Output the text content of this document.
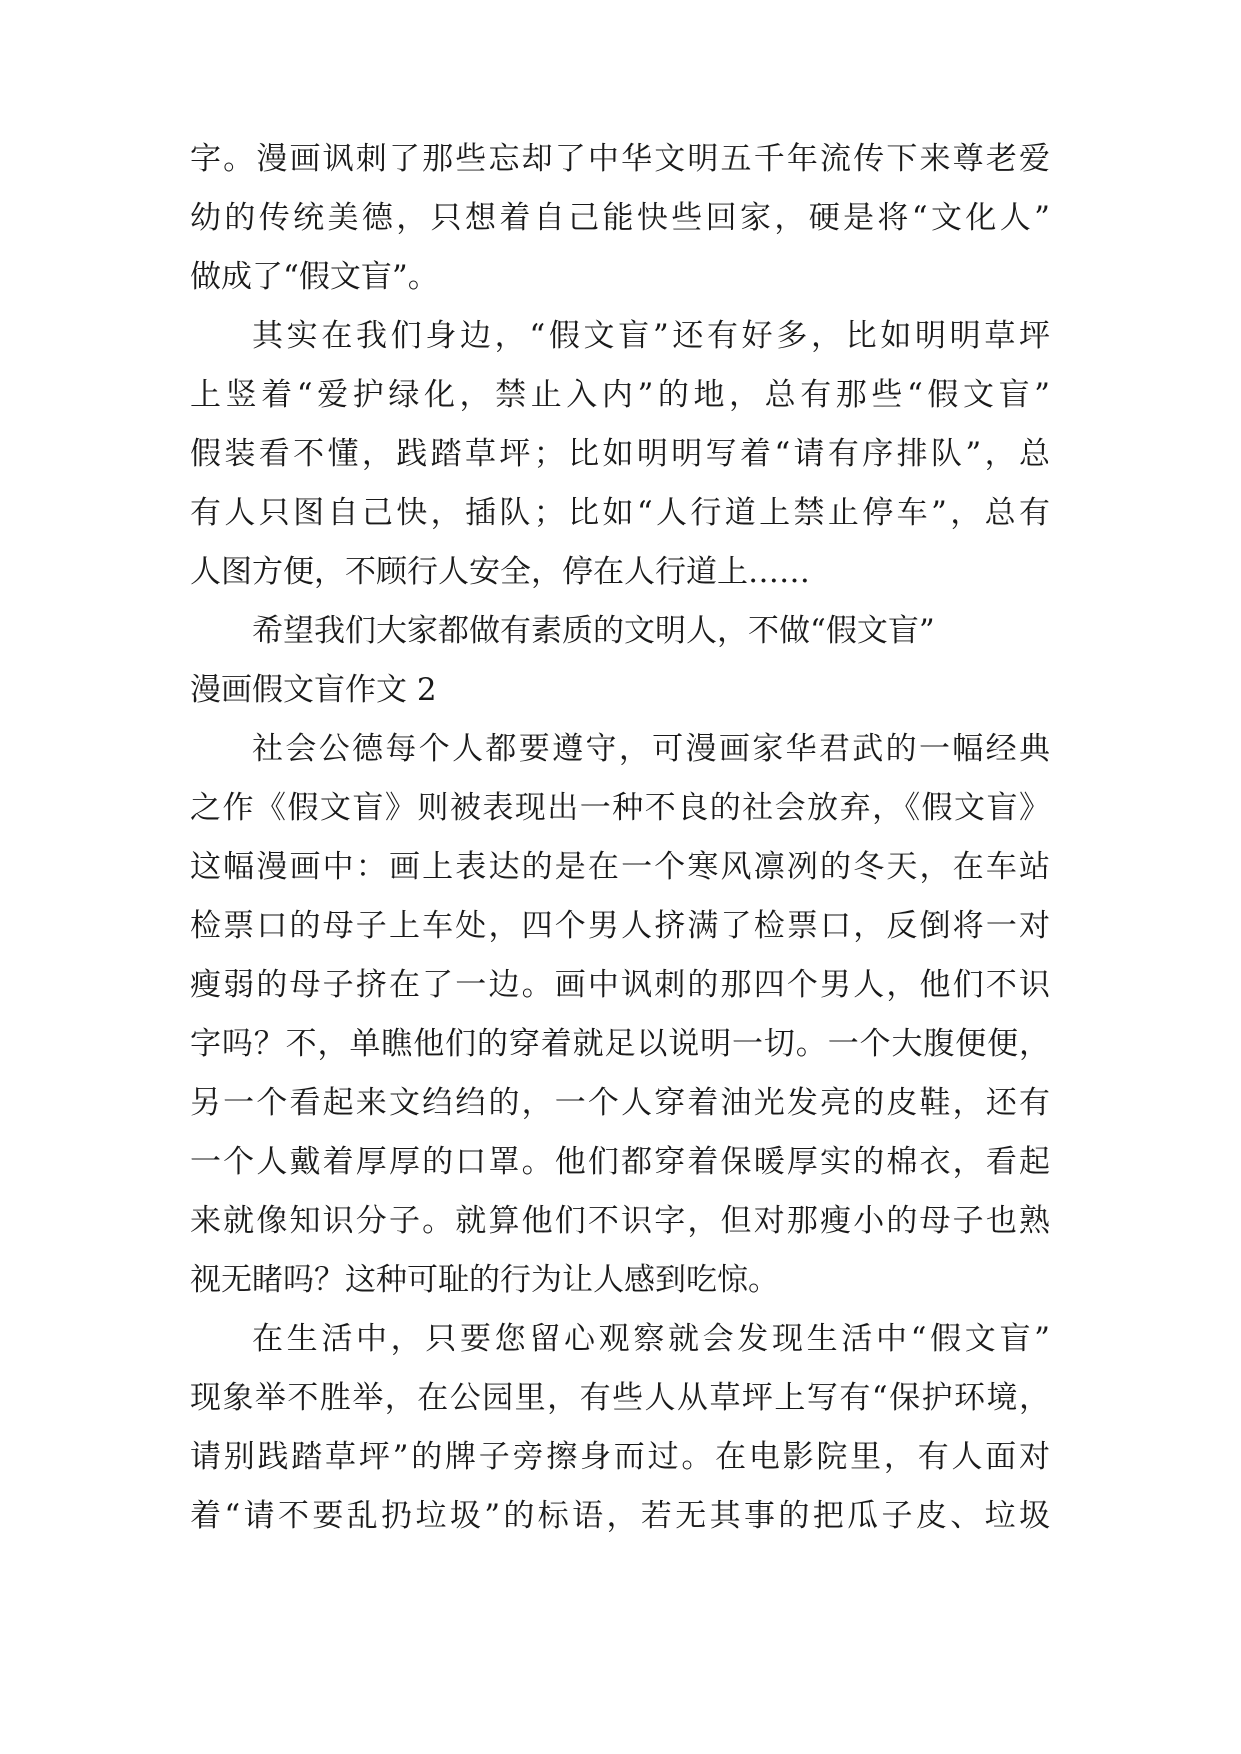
字。漫画讽刺了那些忘却了中华文明五千年流传下来尊老爱
幼的传统美德，只想着自己能快些回家，硬是将“文化人”
做成了“假文盲”。
其实在我们身边，“假文盲”还有好多，比如明明草坪
上竖着“爱护绿化，禁止入内”的地，总有那些“假文盲”
假装看不懂，践踏草坪；比如明明写着“请有序排队”，总
有人只图自己快，插队；比如“人行道上禁止停车”，总有
人图方便，不顾行人安全，停在人行道上……
希望我们大家都做有素质的文明人，不做“假文盲”
漫画假文盲作文 2
社会公德每个人都要遵守，可漫画家华君武的一幅经典
之作《假文盲》则被表现出一种不良的社会放弃，《假文盲》
这幅漫画中：画上表达的是在一个寒风凛冽的冬天，在车站
检票口的母子上车处，四个男人挤满了检票口，反倒将一对
瘦弱的母子挤在了一边。画中讽刺的那四个男人，他们不识
字吗？不，单瞧他们的穿着就足以说明一切。一个大腹便便，
另一个看起来文绉绉的，一个人穿着油光发亮的皮鞋，还有
一个人戴着厚厚的口罩。他们都穿着保暖厚实的棉衣，看起
来就像知识分子。就算他们不识字，但对那瘦小的母子也熟
视无睹吗？这种可耻的行为让人感到吃惊。
在生活中，只要您留心观察就会发现生活中“假文盲”
现象举不胜举，在公园里，有些人从草坪上写有“保护环境，
请别践踏草坪”的牌子旁擦身而过。在电影院里，有人面对
着“请不要乱扔垃圾”的标语，若无其事的把瓜子皮、垃圾
